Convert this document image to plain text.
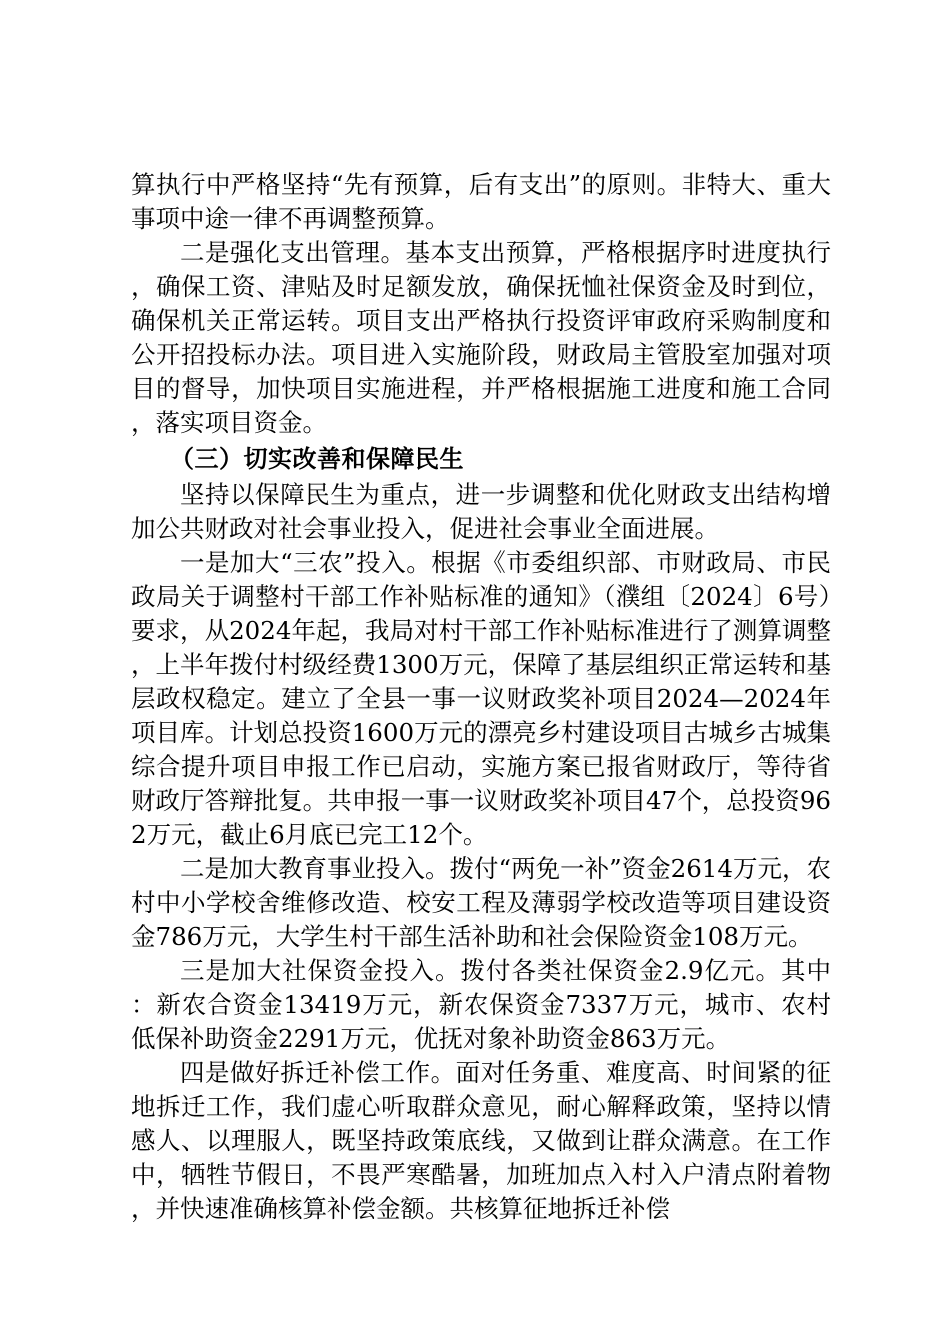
算执行中严格坚持“先有预算，后有支出”的原则。非特大、重大事项中途一律不再调整预算。

二是强化支出管理。基本支出预算，严格根据序时进度执行，确保工资、津贴及时足额发放，确保抚恤社保资金及时到位，确保机关正常运转。项目支出严格执行投资评审政府采购制度和公开招投标办法。项目进入实施阶段，财政局主管股室加强对项目的督导，加快项目实施进程，并严格根据施工进度和施工合同，落实项目资金。

（三）切实改善和保障民生

坚持以保障民生为重点，进一步调整和优化财政支出结构增加公共财政对社会事业投入，促进社会事业全面进展。

一是加大“三农”投入。根据《市委组织部、市财政局、市民政局关于调整村干部工作补贴标准的通知》（濮组〔2024〕6号）要求，从2024年起，我局对村干部工作补贴标准进行了测算调整，上半年拨付村级经费1300万元，保障了基层组织正常运转和基层政权稳定。建立了全县一事一议财政奖补项目2024—2024年项目库。计划总投资1600万元的漂亮乡村建设项目古城乡古城集综合提升项目申报工作已启动，实施方案已报省财政厅，等待省财政厅答辩批复。共申报一事一议财政奖补项目47个，总投资962万元，截止6月底已完工12个。

二是加大教育事业投入。拨付“两免一补”资金2614万元，农村中小学校舍维修改造、校安工程及薄弱学校改造等项目建设资金786万元，大学生村干部生活补助和社会保险资金108万元。

三是加大社保资金投入。拨付各类社保资金2.9亿元。其中：新农合资金13419万元，新农保资金7337万元，城市、农村低保补助资金2291万元，优抚对象补助资金863万元。

四是做好拆迁补偿工作。面对任务重、难度高、时间紧的征地拆迁工作，我们虚心听取群众意见，耐心解释政策，坚持以情感人、以理服人，既坚持政策底线，又做到让群众满意。在工作中，牺牲节假日，不畏严寒酷暑，加班加点入村入户清点附着物，并快速准确核算补偿金额。共核算征地拆迁补偿
